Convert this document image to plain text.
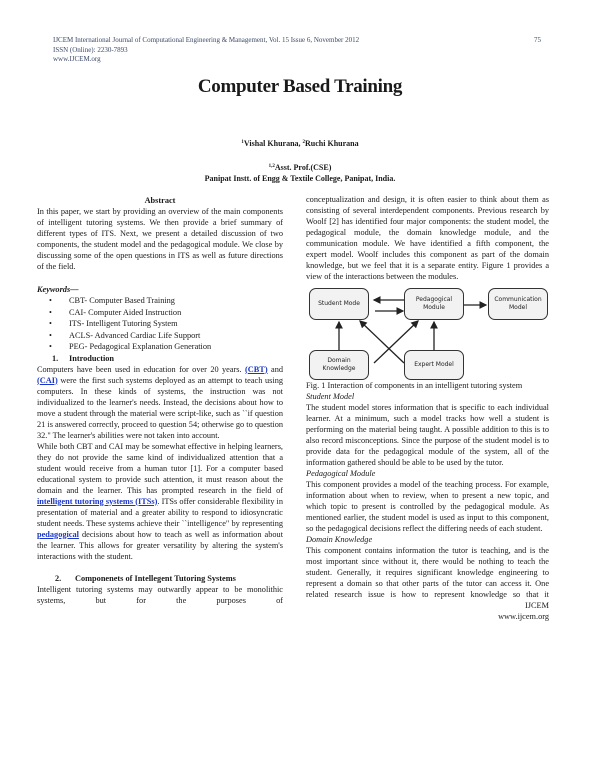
IJCEM International Journal of Computational Engineering & Management, Vol. 15 Issue 6, November 2012
ISSN (Online): 2230-7893
www.IJCEM.org
75
Computer Based Training
$^1$Vishal Khurana, $^2$Ruchi Khurana
$^{1,2}$Asst. Prof.(CSE)
Panipat Instt. of Engg & Textile College, Panipat, India.
Abstract

In this paper, we start by providing an overview of the main components of intelligent tutoring systems. We then provide a brief summary of different types of ITS. Next, we present a detailed discussion of two components, the student model and the pedagogical module. We close by discussing some of the open questions in ITS as well as future directions of the field.

Keywords—
• CBT- Computer Based Training
• CAI- Computer Aided Instruction
• ITS- Intelligent Tutoring System
• ACLS- Advanced Cardiac Life Support
• PEG- Pedagogical Explanation Generation
1. Introduction

Computers have been used in education for over 20 years. (CBT) and (CAI) were the first such systems deployed as an attempt to teach using computers. In these kinds of systems, the instruction was not individualized to the learner's needs. Instead, the decisions about how to move a student through the material were script-like, such as ``if question 21 is answered correctly, proceed to question 54; otherwise go to question 32." The learner's abilities were not taken into account.

While both CBT and CAI may be somewhat effective in helping learners, they do not provide the same kind of individualized attention that a student would receive from a human tutor [1]. For a computer based educational system to provide such attention, it must reason about the domain and the learner. This has prompted research in the field of intelligent tutoring systems (ITSs). ITSs offer considerable flexibility in presentation of material and a greater ability to respond to idiosyncratic student needs. These systems achieve their ``intelligence" by representing pedagogical decisions about how to teach as well as information about the learner. This allows for greater versatility by altering the system's interactions with the student.

2. Componenets of Intellegent Tutoring Systems

Intelligent tutoring systems may outwardly appear to be monolithic systems, but for the purposes of

conceptualization and design, it is often easier to think about them as consisting of several interdependent components. Previous research by Woolf [2] has identified four major components: the student model, the pedagogical module, the domain knowledge module, and the communication module. We have identified a fifth component, the expert model. Woolf includes this component as part of the domain knowledge, but we feel that it is a separate entity. Figure 1 provides a view of the interactions between the modules.

Student Mode
Pedagogical Module
Communication Model
Domain Knowledge
Expert Model

Fig. 1 Interaction of components in an intelligent tutoring system

Student Model

The student model stores information that is specific to each individual learner. At a minimum, such a model tracks how well a student is performing on the material being taught. A possible addition to this is to also record misconceptions. Since the purpose of the student model is to provide data for the pedagogical module of the system, all of the information gathered should be able to be used by the tutor.

Pedagogical Module

This component provides a model of the teaching process. For example, information about when to review, when to present a new topic, and which topic to present is controlled by the pedagogical module. As mentioned earlier, the student model is used as input to this component, so the pedagogical decisions reflect the differing needs of each student.

Domain Knowledge

This component contains information the tutor is teaching, and is the most important since without it, there would be nothing to teach the student. Generally, it requires significant knowledge engineering to represent a domain so that other parts of the tutor can access it. One related research issue is how to represent knowledge so that it

IJCEM
www.ijcem.org
